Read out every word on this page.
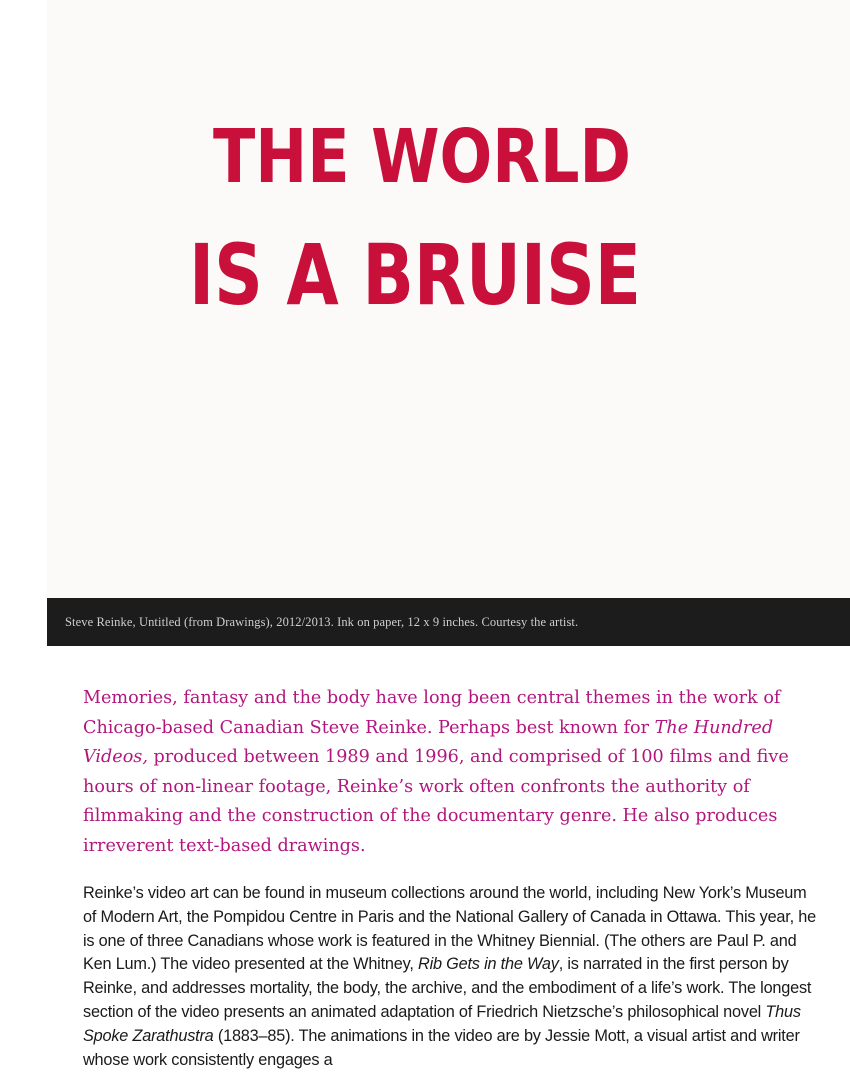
THE WORLD
IS A BRUISE
Steve Reinke, Untitled (from Drawings), 2012/2013. Ink on paper, 12 x 9 inches. Courtesy the artist.

Memories, fantasy and the body have long been central themes in the work of Chicago-based Canadian Steve Reinke. Perhaps best known for The Hundred Videos, produced between 1989 and 1996, and comprised of 100 films and five hours of non-linear footage, Reinke’s work often confronts the authority of filmmaking and the construction of the documentary genre. He also produces irreverent text-based drawings.

Reinke’s video art can be found in museum collections around the world, including New York’s Museum of Modern Art, the Pompidou Centre in Paris and the National Gallery of Canada in Ottawa. This year, he is one of three Canadians whose work is featured in the Whitney Biennial. (The others are Paul P. and Ken Lum.) The video presented at the Whitney, Rib Gets in the Way, is narrated in the first person by Reinke, and addresses mortality, the body, the archive, and the embodiment of a life’s work. The longest section of the video presents an animated adaptation of Friedrich Nietzsche’s philosophical novel Thus Spoke Zarathustra (1883–85). The animations in the video are by Jessie Mott, a visual artist and writer whose work consistently engages a
